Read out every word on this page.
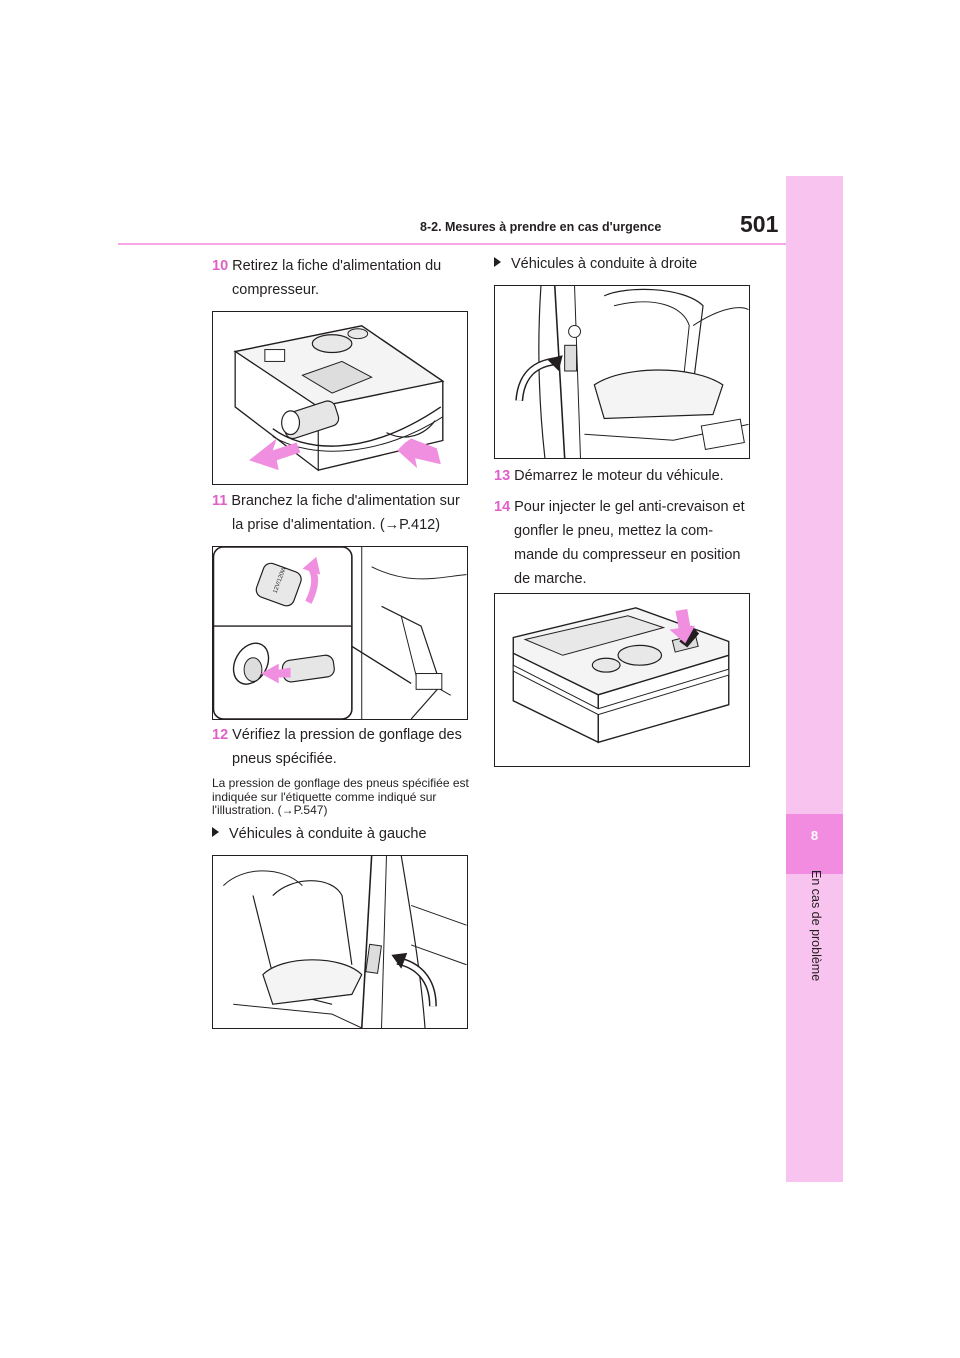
8-2. Mesures à prendre en cas d'urgence	501
8
En cas de problème
10 Retirez la fiche d'alimentation du
compresseur.
11 Branchez la fiche d'alimentation sur
la prise d'alimentation. (→P.412)
12V/120W
12 Vérifiez la pression de gonflage des
pneus spécifiée.
La pression de gonflage des pneus spécifiée est indiquée sur l'étiquette comme indiqué sur l'illustration. (→P.547)
Véhicules à conduite à gauche
Véhicules à conduite à droite
13 Démarrez le moteur du véhicule.
14 Pour injecter le gel anti-crevaison et
gonfler le pneu, mettez la com-
mande du compresseur en position
de marche.
